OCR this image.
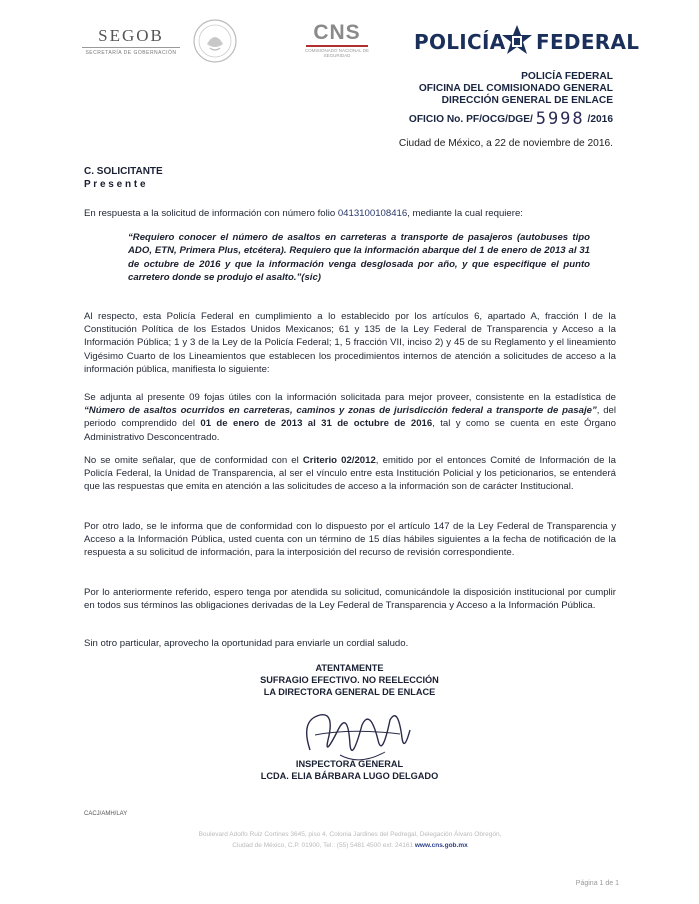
SEGOB
SECRETARÍA DE GOBERNACIÓN
CNS
COMISIONADO NACIONAL DE SEGURIDAD
POLICÍA FEDERAL
POLICÍA FEDERAL
OFICINA DEL COMISIONADO GENERAL
DIRECCIÓN GENERAL DE ENLACE
OFICIO No. PF/OCG/DGE/ 5998 /2016
Ciudad de México, a 22 de noviembre de 2016.
C. SOLICITANTE
P r e s e n t e
En respuesta a la solicitud de información con número folio 0413100108416, mediante la cual requiere:
“Requiero conocer el número de asaltos en carreteras a transporte de pasajeros (autobuses tipo ADO, ETN, Primera Plus, etcétera). Requiero que la información abarque del 1 de enero de 2013 al 31 de octubre de 2016 y que la información venga desglosada por año, y que especifique el punto carretero donde se produjo el asalto.”(sic)
Al respecto, esta Policía Federal en cumplimiento a lo establecido por los artículos 6, apartado A, fracción I de la Constitución Política de los Estados Unidos Mexicanos; 61 y 135 de la Ley Federal de Transparencia y Acceso a la Información Pública; 1 y 3 de la Ley de la Policía Federal; 1, 5 fracción VII, inciso 2) y 45 de su Reglamento y el lineamiento Vigésimo Cuarto de los Lineamientos que establecen los procedimientos internos de atención a solicitudes de acceso a la información pública, manifiesta lo siguiente:
Se adjunta al presente 09 fojas útiles con la información solicitada para mejor proveer, consistente en la estadística de “Número de asaltos ocurridos en carreteras, caminos y zonas de jurisdicción federal a transporte de pasaje”, del periodo comprendido del 01 de enero de 2013 al 31 de octubre de 2016, tal y como se cuenta en este Órgano Administrativo Desconcentrado.
No se omite señalar, que de conformidad con el Criterio 02/2012, emitido por el entonces Comité de Información de la Policía Federal, la Unidad de Transparencia, al ser el vínculo entre esta Institución Policial y los peticionarios, se entenderá que las respuestas que emita en atención a las solicitudes de acceso a la información son de carácter Institucional.
Por otro lado, se le informa que de conformidad con lo dispuesto por el artículo 147 de la Ley Federal de Transparencia y Acceso a la Información Pública, usted cuenta con un término de 15 días hábiles siguientes a la fecha de notificación de la respuesta a su solicitud de información, para la interposición del recurso de revisión correspondiente.
Por lo anteriormente referido, espero tenga por atendida su solicitud, comunicándole la disposición institucional por cumplir en todos sus términos las obligaciones derivadas de la Ley Federal de Transparencia y Acceso a la Información Pública.
Sin otro particular, aprovecho la oportunidad para enviarle un cordial saludo.
ATENTAMENTE
SUFRAGIO EFECTIVO. NO REELECCIÓN
LA DIRECTORA GENERAL DE ENLACE
INSPECTORA GENERAL
LCDA. ELIA BÁRBARA LUGO DELGADO
CACJ/AMH/LAY
Boulevard Adolfo Ruiz Cortines 3645, piso 4, Colonia Jardines del Pedregal, Delegación Álvaro Obregón,
Ciudad de México, C.P. 01900, Tel.: (55) 5481 4500 ext. 24161 www.cns.gob.mx
Página 1 de 1
